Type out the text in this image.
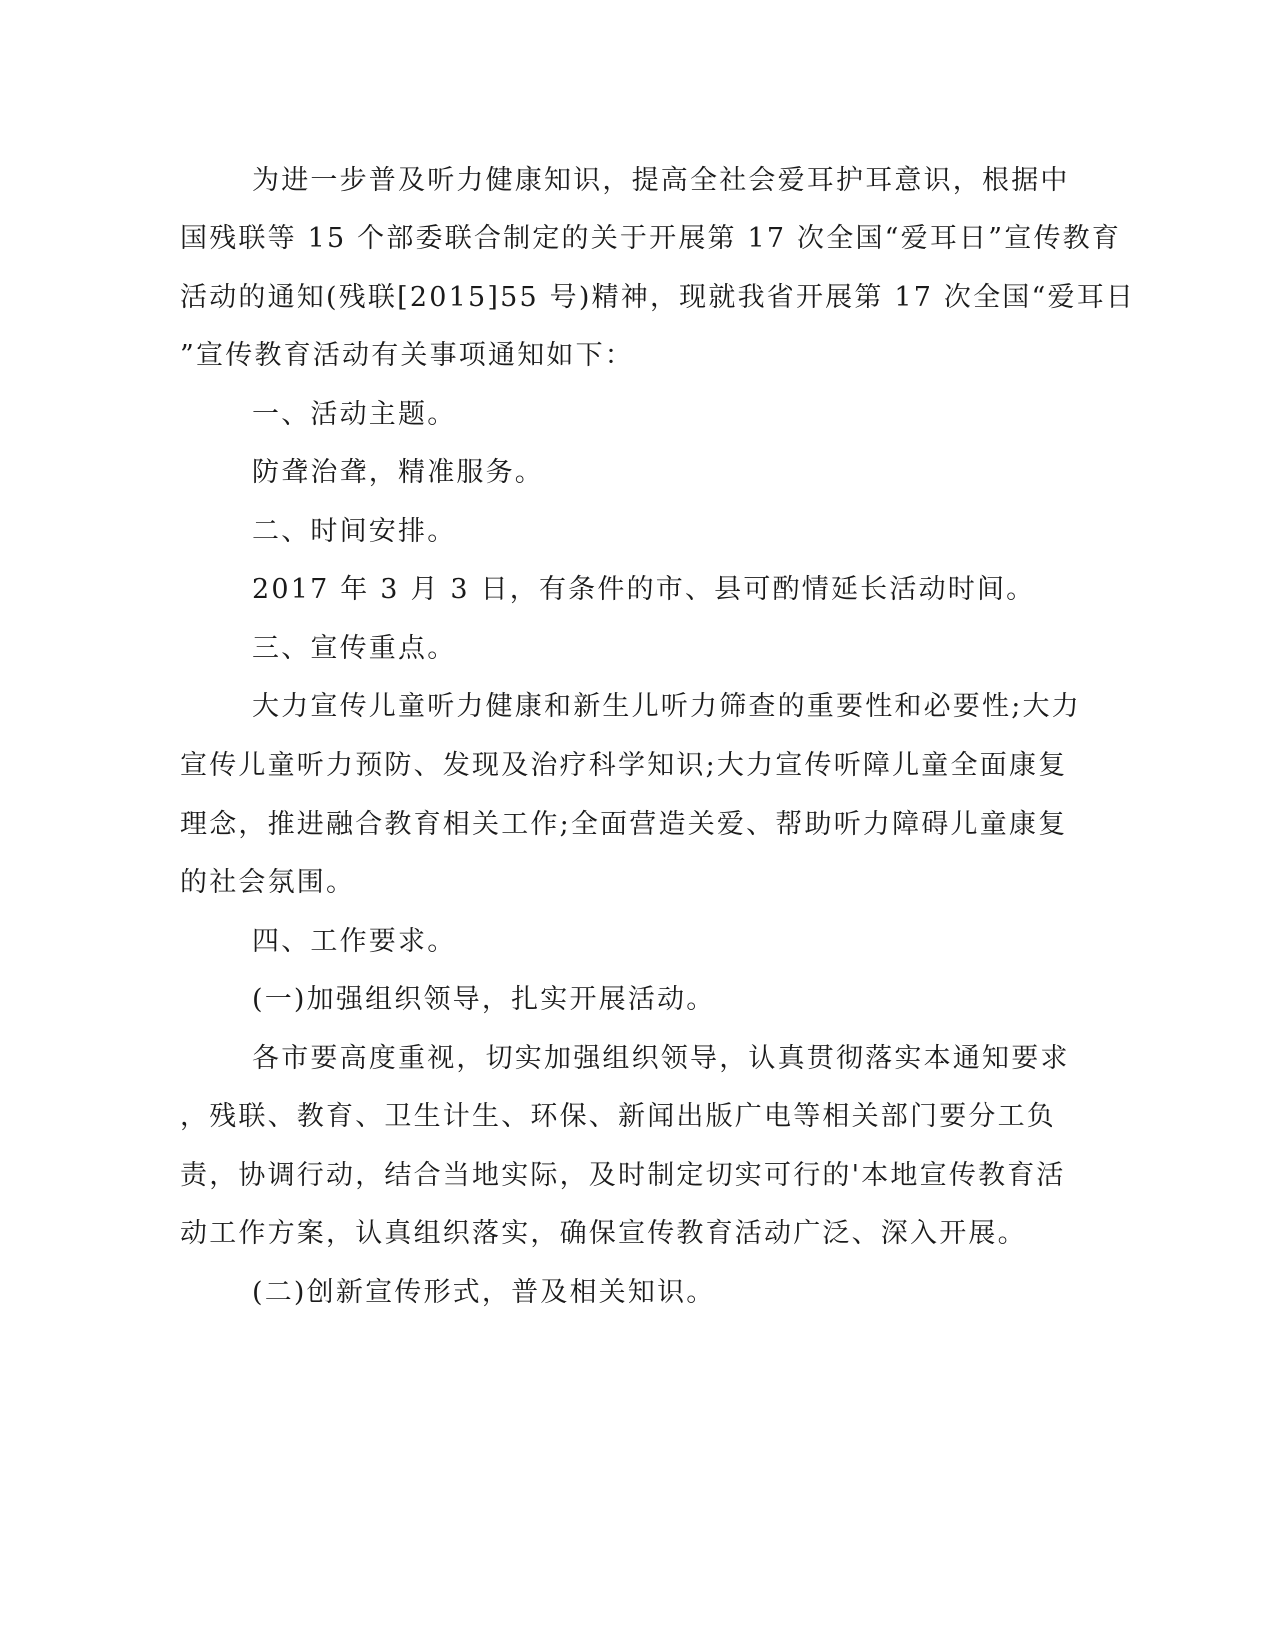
为进一步普及听力健康知识，提高全社会爱耳护耳意识，根据中
国残联等 15 个部委联合制定的关于开展第 17 次全国“爱耳日”宣传教育
活动的通知(残联[2015]55 号)精神，现就我省开展第 17 次全国“爱耳日
”宣传教育活动有关事项通知如下：
一、活动主题。
防聋治聋，精准服务。
二、时间安排。
2017 年 3 月 3 日，有条件的市、县可酌情延长活动时间。
三、宣传重点。
大力宣传儿童听力健康和新生儿听力筛查的重要性和必要性;大力
宣传儿童听力预防、发现及治疗科学知识;大力宣传听障儿童全面康复
理念，推进融合教育相关工作;全面营造关爱、帮助听力障碍儿童康复
的社会氛围。
四、工作要求。
(一)加强组织领导，扎实开展活动。
各市要高度重视，切实加强组织领导，认真贯彻落实本通知要求
，残联、教育、卫生计生、环保、新闻出版广电等相关部门要分工负
责，协调行动，结合当地实际，及时制定切实可行的'本地宣传教育活
动工作方案，认真组织落实，确保宣传教育活动广泛、深入开展。
(二)创新宣传形式，普及相关知识。
